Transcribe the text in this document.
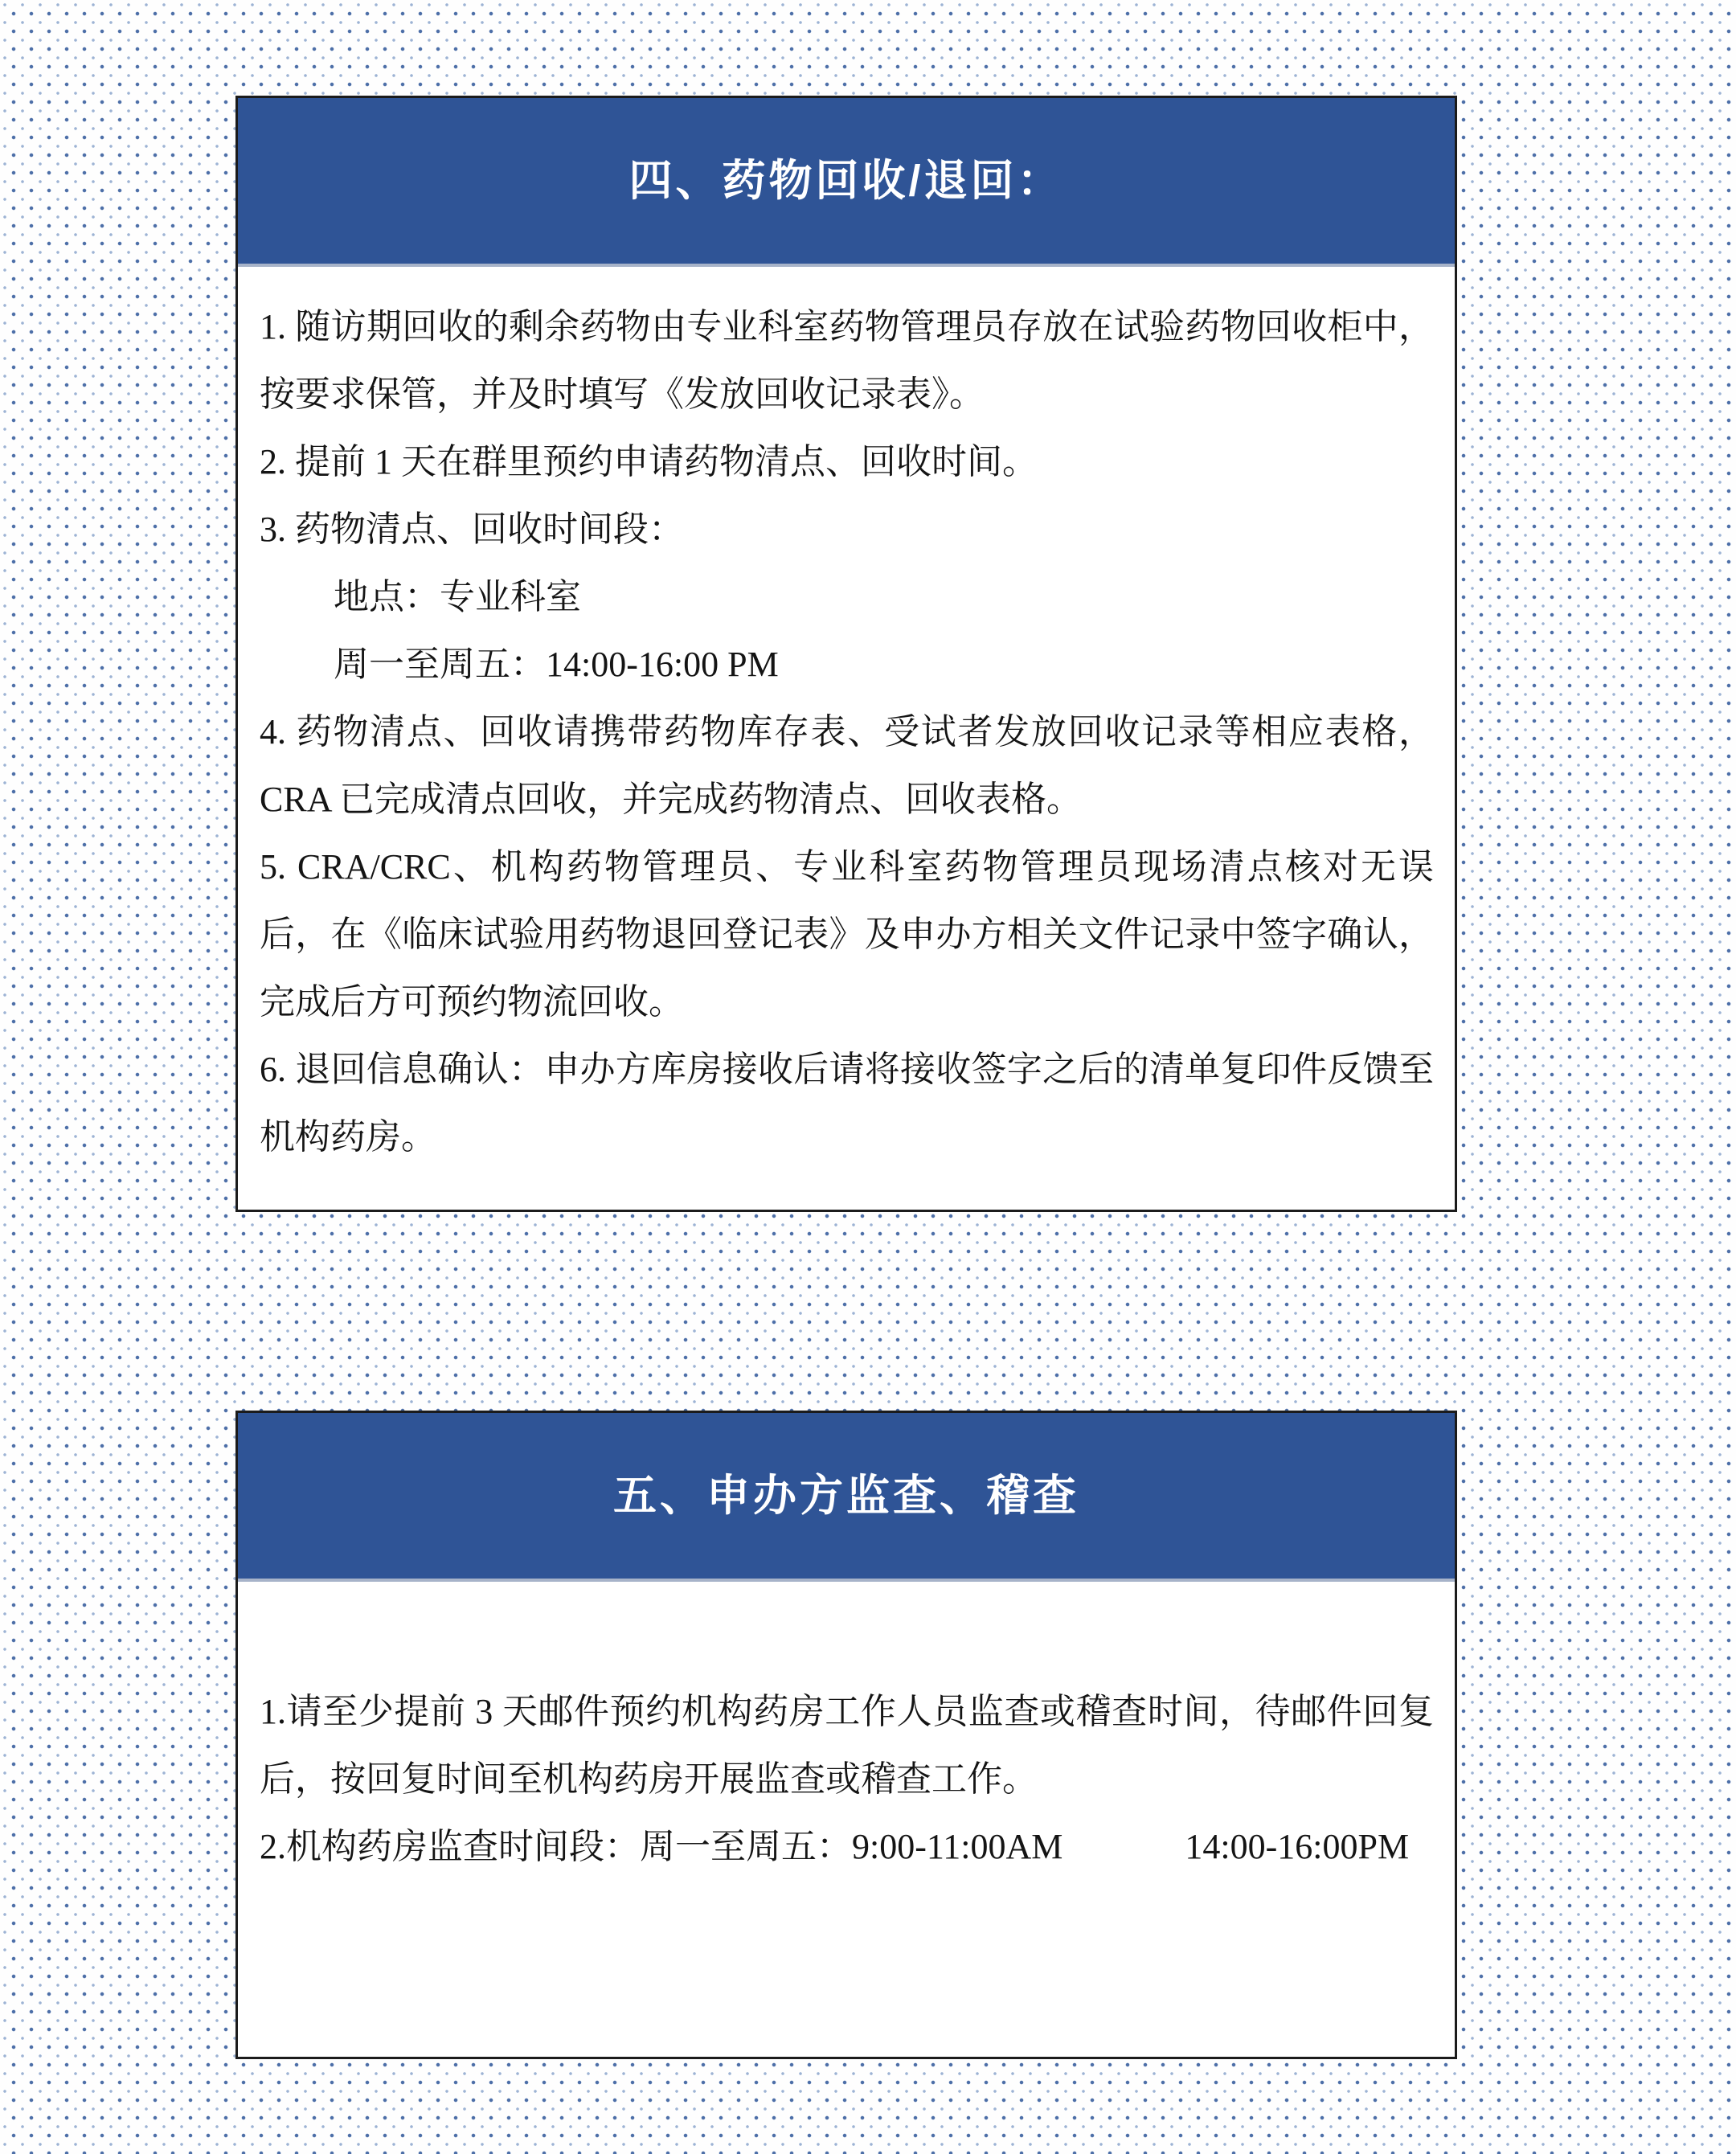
四、药物回收/退回：

1. 随访期回收的剩余药物由专业科室药物管理员存放在试验药物回收柜中，按要求保管，并及时填写《发放回收记录表》。

2. 提前 1 天在群里预约申请药物清点、回收时间。

3. 药物清点、回收时间段：

地点：专业科室

周一至周五：14:00-16:00 PM

4. 药物清点、回收请携带药物库存表、受试者发放回收记录等相应表格，CRA 已完成清点回收，并完成药物清点、回收表格。

5. CRA/CRC、机构药物管理员、专业科室药物管理员现场清点核对无误后，在《临床试验用药物退回登记表》及申办方相关文件记录中签字确认，完成后方可预约物流回收。

6. 退回信息确认：申办方库房接收后请将接收签字之后的清单复印件反馈至机构药房。

五、申办方监查、稽查

1.请至少提前 3 天邮件预约机构药房工作人员监查或稽查时间，待邮件回复后，按回复时间至机构药房开展监查或稽查工作。

2.机构药房监查时间段：周一至周五：9:00-11:00AM	14:00-16:00PM
